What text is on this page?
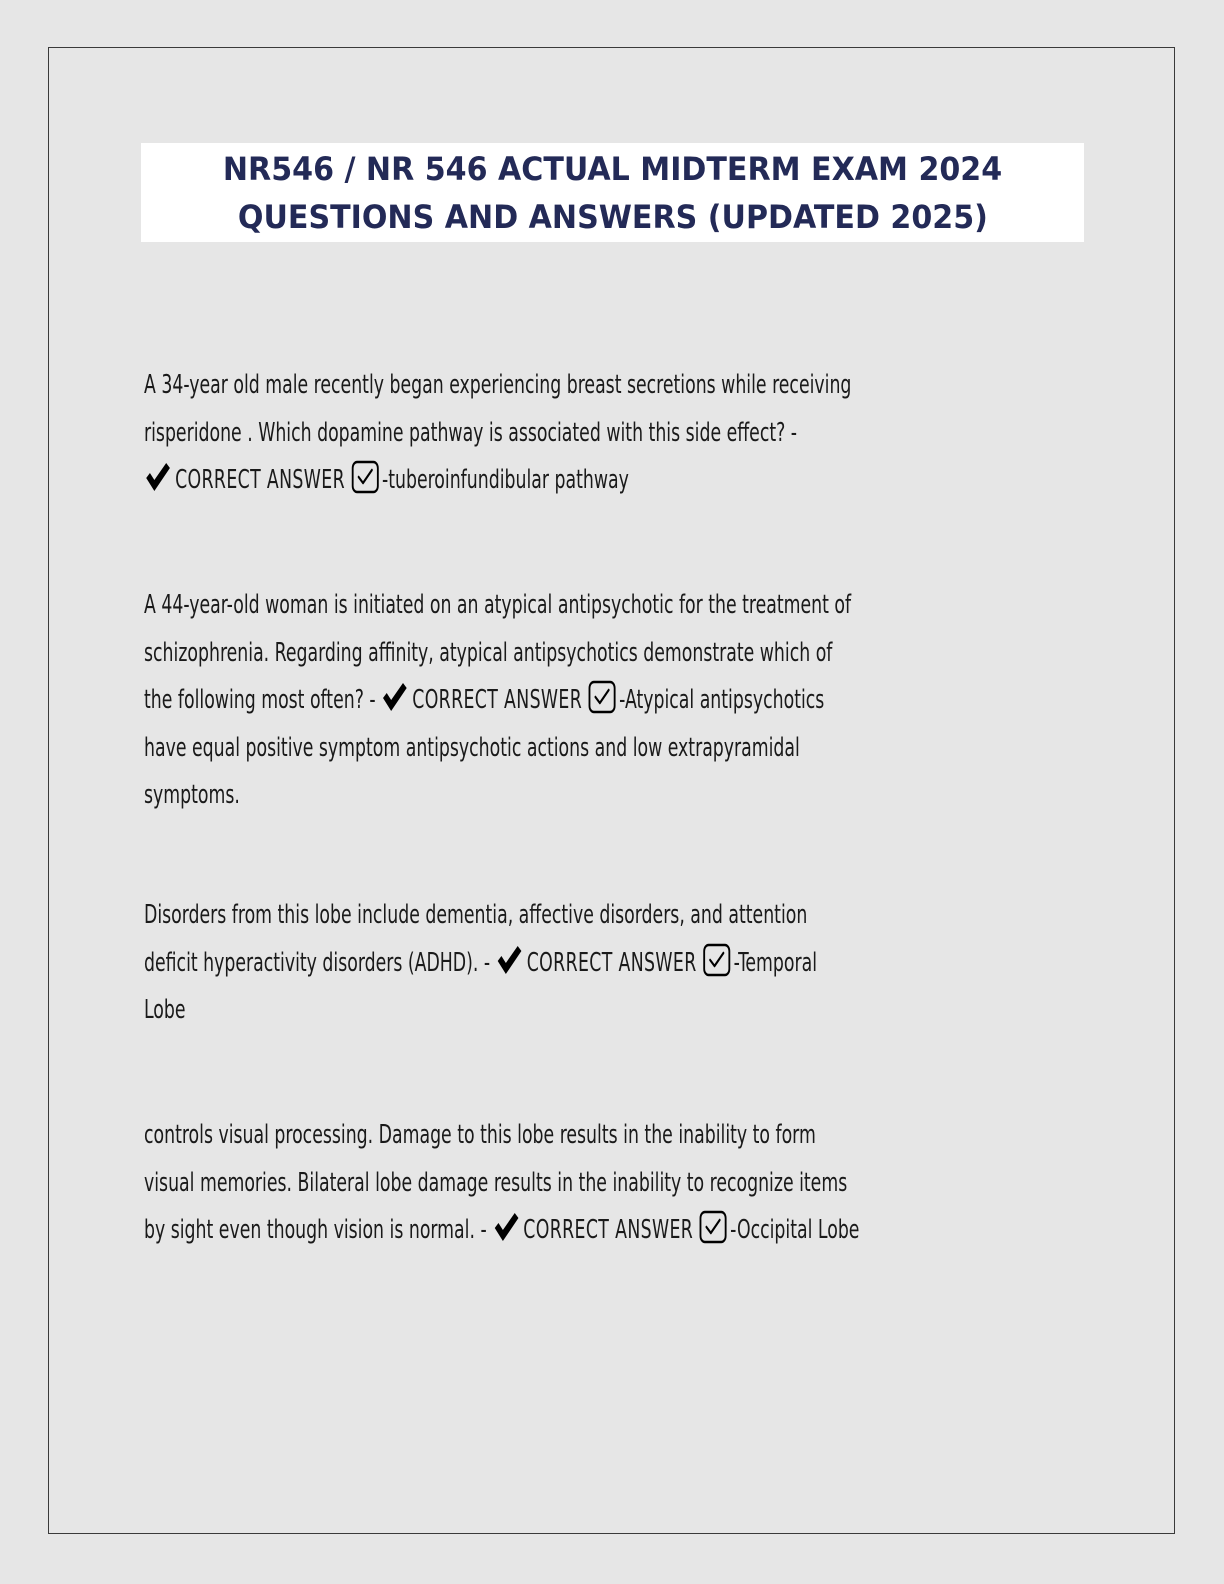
NR546 / NR 546 ACTUAL MIDTERM EXAM 2024
QUESTIONS AND ANSWERS (UPDATED 2025)
A 34-year old male recently began experiencing breast secretions while receiving
risperidone . Which dopamine pathway is associated with this side effect? -
CORRECT ANSWER -tuberoinfundibular pathway
A 44-year-old woman is initiated on an atypical antipsychotic for the treatment of
schizophrenia. Regarding affinity, atypical antipsychotics demonstrate which of
the following most often? - CORRECT ANSWER -Atypical antipsychotics
have equal positive symptom antipsychotic actions and low extrapyramidal
symptoms.
Disorders from this lobe include dementia, affective disorders, and attention
deficit hyperactivity disorders (ADHD). - CORRECT ANSWER -Temporal
Lobe
controls visual processing. Damage to this lobe results in the inability to form
visual memories. Bilateral lobe damage results in the inability to recognize items
by sight even though vision is normal. - CORRECT ANSWER -Occipital Lobe
